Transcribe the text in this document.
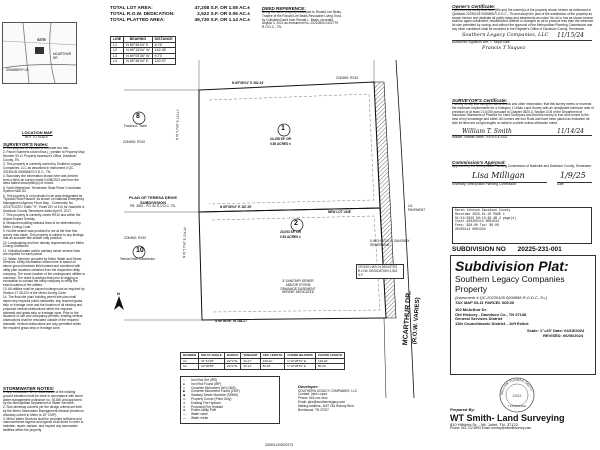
SITE
MCARTHUR DR
GRANBERY LN
LOCATION MAP
NOT TO SCALE
SURVEYOR'S Notes:
1. The purpose of this plat is to create two lots.
2. Parcel Numbers shown thus ( ) pertain to Property Map Number 53-11 Property Assessor's Office, Davidson County, TN.
3. This property is currently owned by Southern Legacy Companies, LLC as described in Instrument # QC-20230105 0000868 R.O.D.C., TN.
4. Boundary line information shown here was derived from a field run survey made 04/08/2022 and from the deed stated description(s) of record.
5. North Reference: Tennessee State Plane Coordinate System NAD 83.
6. This property is not included in an area designated as "Special Flood Hazard" as shown on National Emergency Management Agency Flood Map - Community No. 47037C0257J Suffix "H", Panel 257 of 410 for Nashville & Davidson County Tennessee dated April 5, 2017.
7. This property is currently zoned RS10 and within the Airport Impact Overlay.
8. Measures building setback lines to be determined by Metro Zoning Code.
9. No title search was provided to me at the time this survey was made. This property is subject to any findings that an accurate title search may produce.
10. Landscaping and tree density requirements per Metro Zoning Ordinance.
11. Individual water and/or sanitary sewer service lines are required for each parcel.
12. Water Services provided by Metro Water and Sewer Services. Utility information shown here is based on above ground features field located and combined with utility plan locations obtained from the respective utility company. The exact location of the underground utilities is unknown. The client is advised that prior to digging or excavation to contact the utility company to verify the exact location of the utilities.
13. All utilities shall be placed underground as required by Section 17.28.220 of the Metro Zoning Code.
14. The final site plan/ building permit site plan shall depict any required public sidewalks, any required grass strip or frontage zone and the location of all existing and proposed vertical obstructions within the required sidewalk and grass strip or frontage zone. Prior to the issuance of use and occupancy permits, existing vertical obstructions shall be relocated outside of the required sidewalk. Vertical obstructions are only permitted within the required grass strip or frontage zone.
STORMWATER NOTES:
1. Any excavation, fill, or disturbance of the existing ground elevation must be done in accordance with storm water management ordinance no. 78-840 and approved by the Metropolitan Department of Water Services.
2. Size driveway culverts per the design criteria set forth by the Metro Stormwater Management Manual (minimum driveway culvert in Metro is 15" CMP).
3. Metro Water Services shall be provided sufficient and unencumbered ingress and egress at all times in order to maintain, repair, replace, and inspect any stormwater facilities within the property.
TOTAL LOT AREA:	47,208 S.F. OR 1.08 AC.±
TOTAL R.O.W. DEDICATION:	2,522 S.F. OR 0.06 AC.±
TOTAL PLATTED AREA:	49,730 S.F. OR 1.14 AC.±
LINE	BEARING	DISTANCE
L1	N 89°36'04" E	8.76'
L2	N 89°15'04" W	142.38'
L3	N 89°05'36" W	9.73'
L4	N 89°36'04" E	140.97'
DEED REFERENCE:
Being the same property conveyed to Ronald Lee Beals, Trustee of the Ronald Lee Beals Revocable Living Trust, by Quitclaim Deed from Ronald L. Beals, recorded August 3, 2021 as Instrument No. 20210803-0102779 R.O.D.C., TN.
1
24,158 SF. OR
0.55 ACRES ±
2
23,053 SF. OR
0.53 ACRES ±
8
10
Francis A. Teare
Teresa Drive Subdivision
PLAN OF TERESA DRIVE SUBDIVISION
PB. 3842 - PG. 82 R.O.D.C. TN.
N 89°36'04" E 282.24'
N 89°36'04" E 187.29'
NEW LOT LINE
S 89°36'06" W 188.27'
N 01°17'08" E 123.17'
N 01°17'08" E 124.22'
ZONING: RS10
ZONING: RS10
ZONING: RS10
5' SANITARY SEWER AND/OR STORM DRAINAGE EASEMENT HEREBY DEDICATED
CROSS HATCH DENOTES R.O.W. DEDICATION 2,522 S.F.
5-INCH S.S.E.P. SANITARY SEWER LINE
CA PAVEMENT
MCARTHUR DR. (R.O.W. VARIES)
N
Owner's Certificate:
I (We) hereby certify that I am (We are) the owner(s) of the property shown hereon as evidenced in Quitclaim 20230105 0000868 R.O.D.C., TN and adopt the plan of the subdivision of the property as shown hereon and dedicate all public ways and easements as noted. No lot or lots as shown hereon shall be again subdivided, resubdivided, altered or changed so as to produce less than the minimum lot size permitted by zoning, and without the approval of the Metropolitan Planning Commission and any other conditions shall be recorded in the Register's Office of Davidson County, Tennessee.
Southern Legacy Companies, LLC 11/15/24
Authorized Signature Wm. T. Yaquz Date
Francis T Yaquez
SURVEYOR'S Certificate:
I hereby certify that using the latest deeds and other information, that this survey meets or exceeds the minimum requirements for a Category 1 Urban Land Survey with an unadjusted minimum ratio of precision of at least 1:10,000 pursuant to Chapter 0820-3, Section 3.05 of the Department of Insurance Standards of Practice for Land Surveyors and that this survey is true and correct to the best of my knowledge and belief. All corners are iron Rods and have been placed as indicated; all side lot lines are at right angles or radial to a street unless otherwise noted.
William T. Smith	11/14/24
William Thomas Smith, TN RLS # 2022
Commission's Approval:
Approved by the Metropolitan Planning Commission of Nashville and Davidson County, Tennessee.
Lisa Milligan	1/9/25
Secretary, Metropolitan Planning Commission	Date
Karen Johnson Davidson County
Recorded 2025-01-10 PAGE 1
01/14/2025 09:15:38 AM 2 page(s)
Instr #20250114 0001234
Fees: $20.00 Tax: $0.00
20250114 0001234
SUBDIVISION NO 20225-231-001
Subdivision Plat:
Southern Legacy Companies
Property
(Instrument # QC-20230105 0000868 R.O.D.C.,Tn.)
TAX MAP 53-11 PARCEL 008.00
102 McArthur Dr.
Old Hickory - Davidson Co., TN 37138
General Services District
11th Councilmanic District - Jeff Eslick
Scale: 1"=30' Date: 04/15/2024
REVISED: 06/06/2024
WILLIAM THOMAS SMITH
2022
TENNESSEE
Prepared By:
WT Smith- Land Surveying
810 Hillview Dr. - Mt. Juliet, TN. 37122
Phone: 615-712-6993 Email: tommy@wtsmithsurvey.com
Developer:
SOUTHERN LEGACY COMPANIES, LLC
Contact: Jake Lopez
Phone: 615-xxx-xxxx
Email: jake@southernlegacy.com
Mailing Address: 1187 Old Hickory Blvd.
Brentwood, TN 37027
○	Iron Rod Set (IRS)
●	Iron Rod Found (IRF)
□	Concrete Monument Set (CMS)
■	Concrete Monument Found (CMF)
◆	Sanitary Sewer Manhole (SSMH)
⊙	Property Corner (Point Only)
✕	Existing Fire Hydrant
✕	Proposed Fire Hydrant
⊗	Power-Utility Pole
—	Water valve
—	Water meter
NUMBER	DELTA ANGLE	RADIUS	TANGENT	ARC LENGTH	CHORD BEARING	CHORD LENGTH
C1	01°47'28"	2172.51	34.17'	129.22'	N 19°28'51" E	129.22'
C2	02°06'58"	2172.51	40.13'	80.26'	N 19°28'51" E	80.26'
2025011300022273
